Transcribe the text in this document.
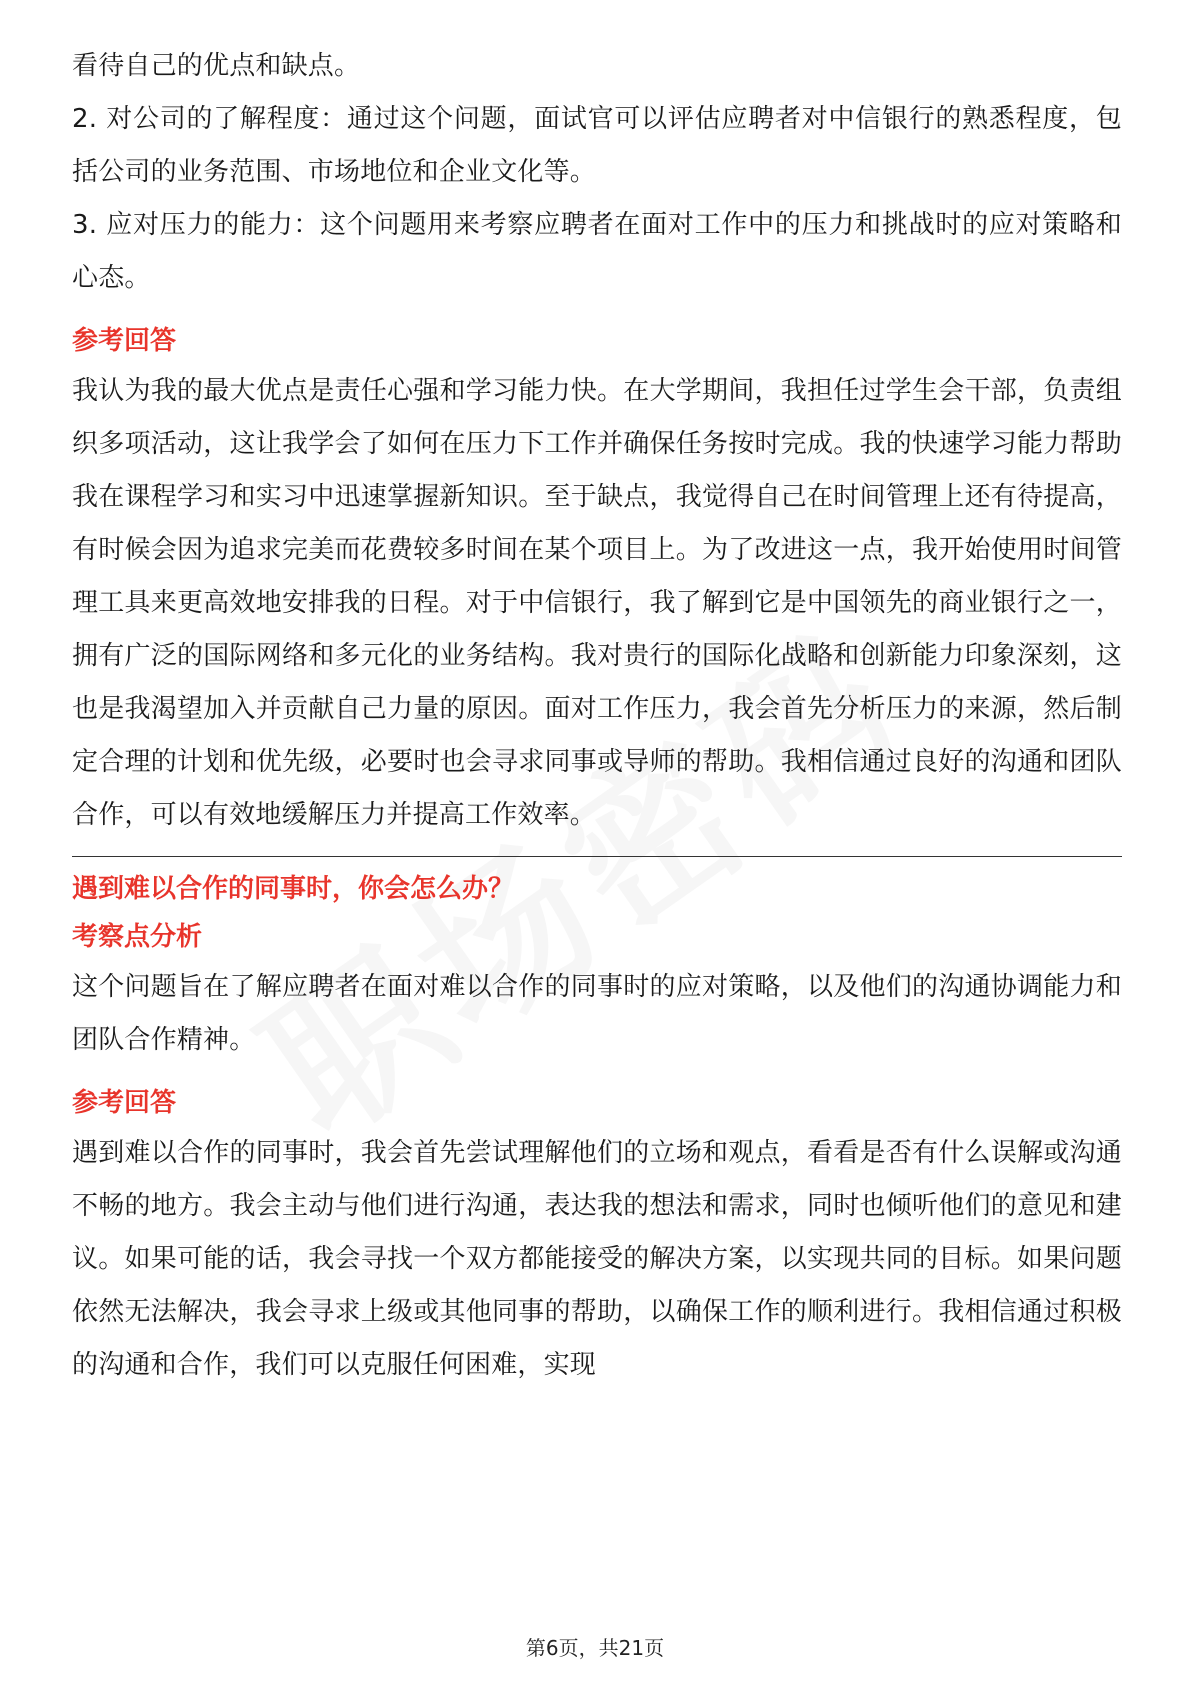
看待自己的优点和缺点。

2. 对公司的了解程度：通过这个问题，面试官可以评估应聘者对中信银行的熟悉程度，包括公司的业务范围、市场地位和企业文化等。

3. 应对压力的能力：这个问题用来考察应聘者在面对工作中的压力和挑战时的应对策略和心态。

参考回答

我认为我的最大优点是责任心强和学习能力快。在大学期间，我担任过学生会干部，负责组织多项活动，这让我学会了如何在压力下工作并确保任务按时完成。我的快速学习能力帮助我在课程学习和实习中迅速掌握新知识。至于缺点，我觉得自己在时间管理上还有待提高，有时候会因为追求完美而花费较多时间在某个项目上。为了改进这一点，我开始使用时间管理工具来更高效地安排我的日程。对于中信银行，我了解到它是中国领先的商业银行之一，拥有广泛的国际网络和多元化的业务结构。我对贵行的国际化战略和创新能力印象深刻，这也是我渴望加入并贡献自己力量的原因。面对工作压力，我会首先分析压力的来源，然后制定合理的计划和优先级，必要时也会寻求同事或导师的帮助。我相信通过良好的沟通和团队合作，可以有效地缓解压力并提高工作效率。

遇到难以合作的同事时，你会怎么办？
考察点分析

这个问题旨在了解应聘者在面对难以合作的同事时的应对策略，以及他们的沟通协调能力和团队合作精神。

参考回答

遇到难以合作的同事时，我会首先尝试理解他们的立场和观点，看看是否有什么误解或沟通不畅的地方。我会主动与他们进行沟通，表达我的想法和需求，同时也倾听他们的意见和建议。如果可能的话，我会寻找一个双方都能接受的解决方案，以实现共同的目标。如果问题依然无法解决，我会寻求上级或其他同事的帮助，以确保工作的顺利进行。我相信通过积极的沟通和合作，我们可以克服任何困难，实现

第6页，共21页
